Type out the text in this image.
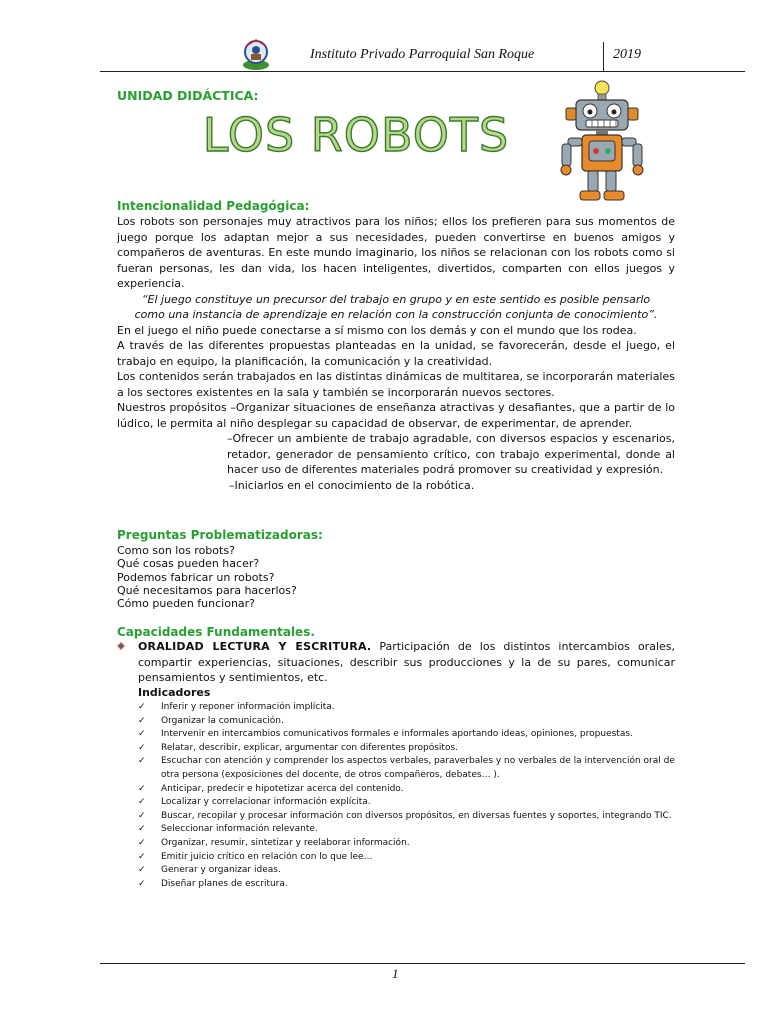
Instituto Privado Parroquial San Roque	2019
UNIDAD DIDÁCTICA:
LOS ROBOTS
Intencionalidad Pedagógica:

Los robots son personajes muy atractivos para los niños; ellos los prefieren para sus momentos de juego porque los adaptan mejor a sus necesidades, pueden convertirse en buenos amigos y compañeros de aventuras. En este mundo imaginario, los niños se relacionan con los robots como si fueran personas, les dan vida, los hacen inteligentes, divertidos, comparten con ellos juegos y experiencia.

“El juego constituye un precursor del trabajo en grupo y en este sentido es posible pensarlo como una instancia de aprendizaje en relación con la construcción conjunta de conocimiento”.

En el juego el niño puede conectarse a sí mismo con los demás y con el mundo que los rodea.

A través de las diferentes propuestas planteadas en la unidad, se favorecerán, desde el juego, el trabajo en equipo, la planificación, la comunicación y la creatividad.

Los contenidos serán trabajados en las distintas dinámicas de multitarea, se incorporarán materiales a los sectores existentes en la sala y también se incorporarán nuevos sectores.

Nuestros propósitos –Organizar situaciones de enseñanza atractivas y desafiantes, que a partir de lo lúdico, le permita al niño desplegar su capacidad de observar, de experimentar, de aprender.

–Ofrecer un ambiente de trabajo agradable, con diversos espacios y escenarios, retador, generador de pensamiento crítico, con trabajo experimental, donde al hacer uso de diferentes materiales podrá promover su creatividad y expresión.

–Iniciarlos en el conocimiento de la robótica.

Preguntas Problematizadoras:
Como son los robots?
Qué cosas pueden hacer?
Podemos fabricar un robots?
Qué necesitamos para hacerlos?
Cómo pueden funcionar?
Capacidades Fundamentales.
ORALIDAD LECTURA Y ESCRITURA. Participación de los distintos intercambios orales, compartir experiencias, situaciones, describir sus producciones y la de su pares, comunicar pensamientos y sentimientos, etc.
Indicadores
✓ Inferir y reponer información implícita.
✓ Organizar la comunicación.
✓ Intervenir en intercambios comunicativos formales e informales aportando ideas, opiniones, propuestas.
✓ Relatar, describir, explicar, argumentar con diferentes propósitos.
✓ Escuchar con atención y comprender los aspectos verbales, paraverbales y no verbales de la intervención oral de otra persona (exposiciones del docente, de otros compañeros, debates… ).
✓ Anticipar, predecir e hipotetizar acerca del contenido.
✓ Localizar y correlacionar información explícita.
✓ Buscar, recopilar y procesar información con diversos propósitos, en diversas fuentes y soportes, integrando TIC.
✓ Seleccionar información relevante.
✓ Organizar, resumir, sintetizar y reelaborar información.
✓ Emitir juicio crítico en relación con lo que lee…
✓ Generar y organizar ideas.
✓ Diseñar planes de escritura.
1
